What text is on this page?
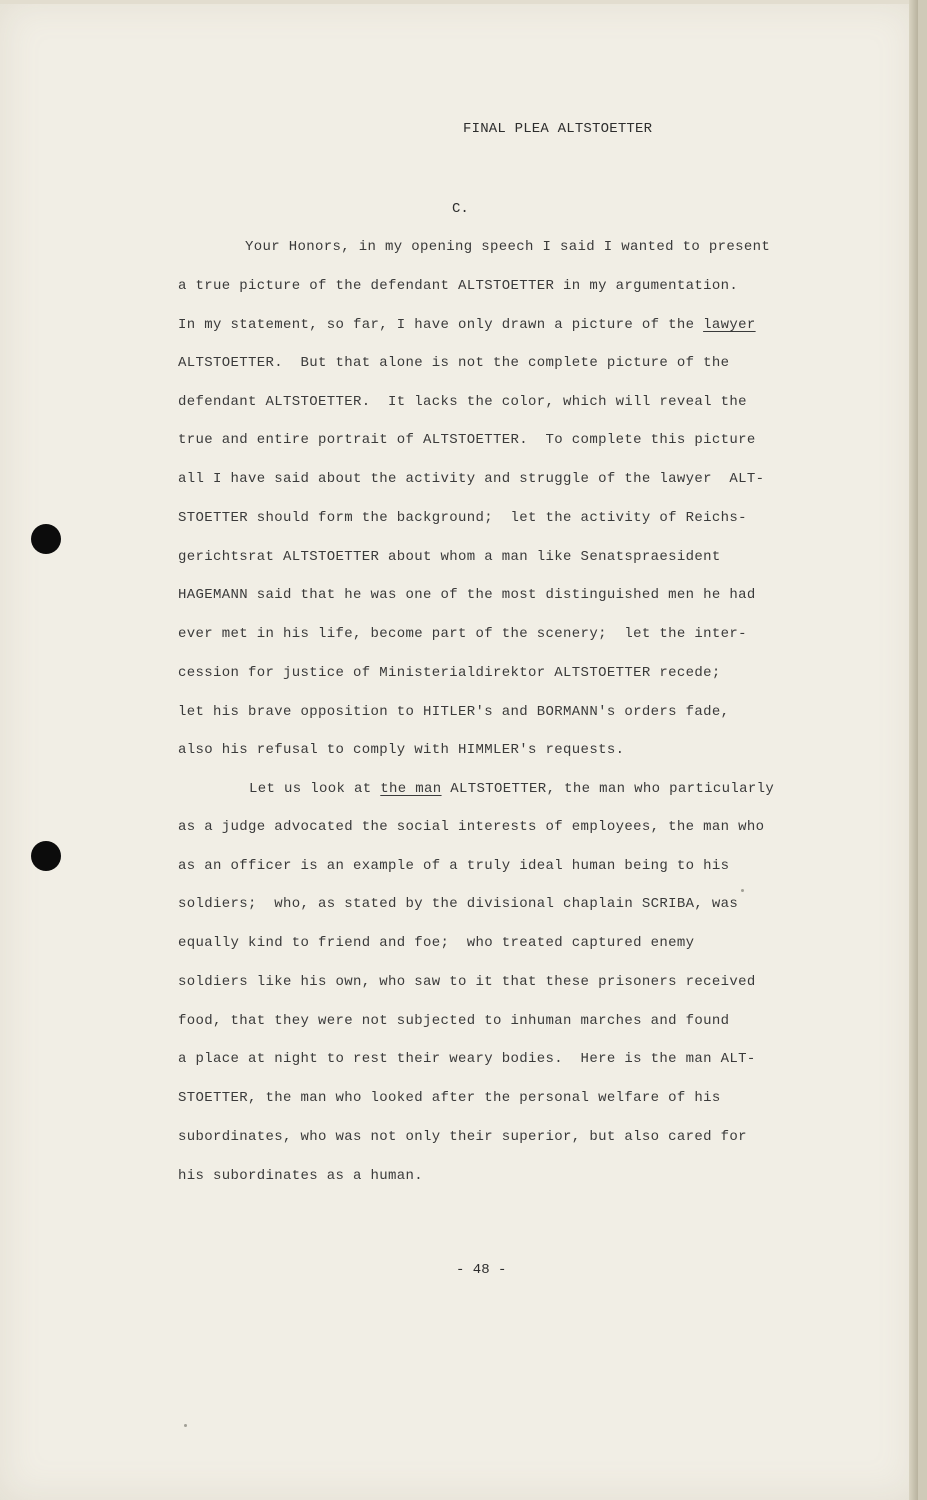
FINAL PLEA ALTSTOETTER
C.
Your Honors, in my opening speech I said I wanted to present
a true picture of the defendant ALTSTOETTER in my argumentation.
In my statement, so far, I have only drawn a picture of the lawyer
ALTSTOETTER.  But that alone is not the complete picture of the
defendant ALTSTOETTER.  It lacks the color, which will reveal the
true and entire portrait of ALTSTOETTER.  To complete this picture
all I have said about the activity and struggle of the lawyer  ALT-
STOETTER should form the background;  let the activity of Reichs-
gerichtsrat ALTSTOETTER about whom a man like Senatspraesident
HAGEMANN said that he was one of the most distinguished men he had
ever met in his life, become part of the scenery;  let the inter-
cession for justice of Ministerialdirektor ALTSTOETTER recede;
let his brave opposition to HITLER's and BORMANN's orders fade,
also his refusal to comply with HIMMLER's requests.
Let us look at the man ALTSTOETTER, the man who particularly
as a judge advocated the social interests of employees, the man who
as an officer is an example of a truly ideal human being to his
soldiers;  who, as stated by the divisional chaplain SCRIBA, was
equally kind to friend and foe;  who treated captured enemy
soldiers like his own, who saw to it that these prisoners received
food, that they were not subjected to inhuman marches and found
a place at night to rest their weary bodies.  Here is the man ALT-
STOETTER, the man who looked after the personal welfare of his
subordinates, who was not only their superior, but also cared for
his subordinates as a human.
- 48 -
